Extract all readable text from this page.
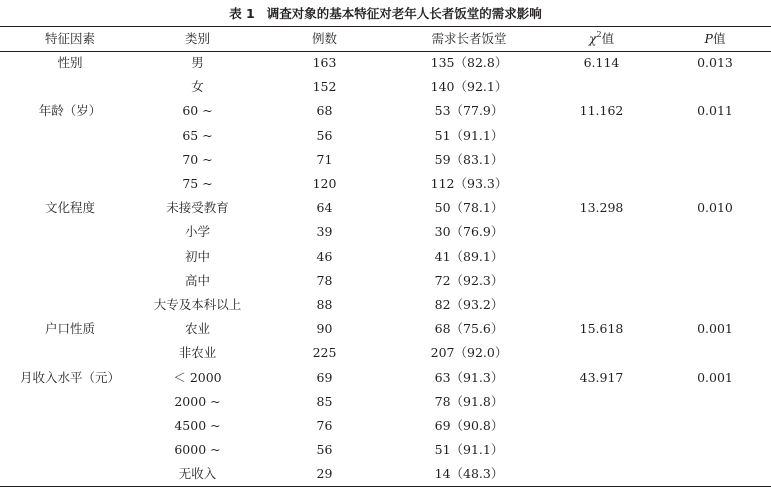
表 1 调查对象的基本特征对老年人长者饭堂的需求影响
特征因素	类别	例数	需求长者饭堂	$\chi^2$值	P值
性别	男	163	135（82.8）	6.114	0.013
	女	152	140（92.1）		
年龄（岁）	60 ~	68	53（77.9）	11.162	0.011
	65 ~	56	51（91.1）		
	70 ~	71	59（83.1）		
	75 ~	120	112（93.3）		
文化程度	未接受教育	64	50（78.1）	13.298	0.010
	小学	39	30（76.9）		
	初中	46	41（89.1）		
	高中	78	72（92.3）		
	大专及本科以上	88	82（93.2）		
户口性质	农业	90	68（75.6）	15.618	0.001
	非农业	225	207（92.0）		
月收入水平（元）	＜ 2000	69	63（91.3）	43.917	0.001
	2000 ~	85	78（91.8）		
	4500 ~	76	69（90.8）		
	6000 ~	56	51（91.1）		
	无收入	29	14（48.3）		
